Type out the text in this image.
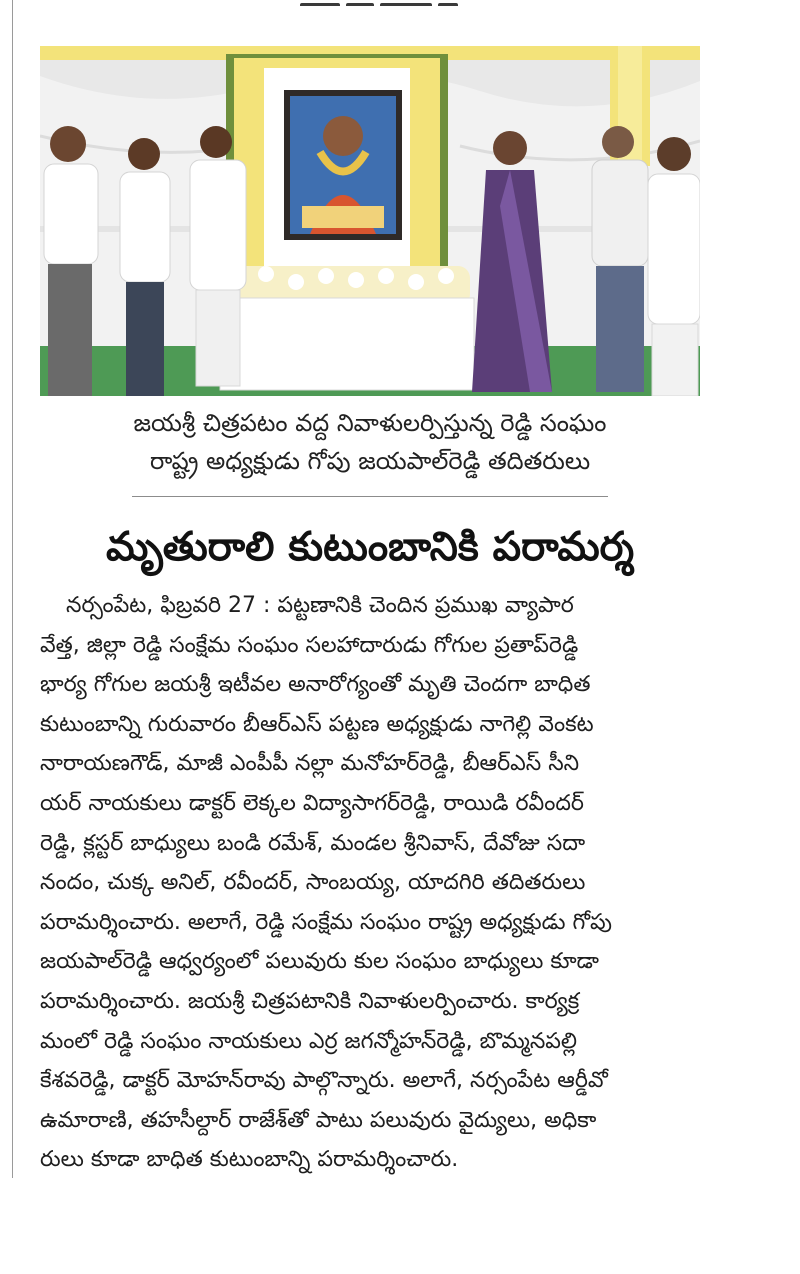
జయశ్రీ చిత్రపటం వద్ద నివాళులర్పిస్తున్న రెడ్డి సంఘం
రాష్ట్ర అధ్యక్షుడు గోపు జయపాల్‌రెడ్డి తదితరులు
మృతురాలి కుటుంబానికి పరామర్శ
నర్సంపేట, ఫిబ్రవరి 27 : పట్టణానికి చెందిన ప్రముఖ వ్యాపార
వేత్త, జిల్లా రెడ్డి సంక్షేమ సంఘం సలహాదారుడు గోగుల ప్రతాప్‌రెడ్డి
భార్య గోగుల జయశ్రీ ఇటీవల అనారోగ్యంతో మృతి చెందగా బాధిత
కుటుంబాన్ని గురువారం బీఆర్ఎస్ పట్టణ అధ్యక్షుడు నాగెల్లి వెంకట
నారాయణగౌడ్, మాజీ ఎంపీపీ నల్లా మనోహర్‌రెడ్డి, బీఆర్ఎస్ సీని
యర్ నాయకులు డాక్టర్ లెక్కల విద్యాసాగర్‌రెడ్డి, రాయిడి రవీందర్
రెడ్డి, క్లస్టర్ బాధ్యులు బండి రమేశ్, మండల శ్రీనివాస్, దేవోజు సదా
నందం, చుక్క అనిల్, రవీందర్, సాంబయ్య, యాదగిరి తదితరులు
పరామర్శించారు. అలాగే, రెడ్డి సంక్షేమ సంఘం రాష్ట్ర అధ్యక్షుడు గోపు
జయపాల్‌రెడ్డి ఆధ్వర్యంలో పలువురు కుల సంఘం బాధ్యులు కూడా
పరామర్శించారు. జయశ్రీ చిత్రపటానికి నివాళులర్పించారు. కార్యక్ర
మంలో రెడ్డి సంఘం నాయకులు ఎర్ర జగన్మోహన్‌రెడ్డి, బొమ్మనపల్లి
కేశవరెడ్డి, డాక్టర్ మోహన్‌రావు పాల్గొన్నారు. అలాగే, నర్సంపేట ఆర్డీవో
ఉమారాణి, తహసీల్దార్ రాజేశ్‌తో పాటు పలువురు వైద్యులు, అధికా
రులు కూడా బాధిత కుటుంబాన్ని పరామర్శించారు.
